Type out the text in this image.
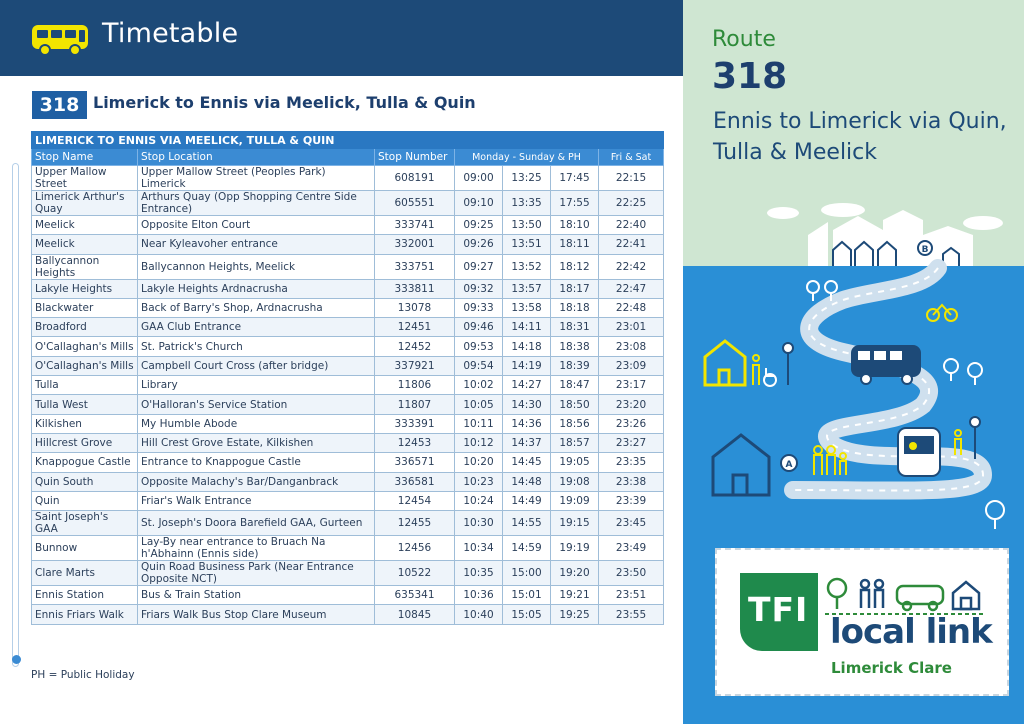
Timetable
318 Limerick to Ennis via Meelick, Tulla & Quin
LIMERICK TO ENNIS VIA MEELICK, TULLA & QUIN						
Stop Name	Stop Location	Stop Number	Monday - Sunday & PH			Fri & Sat
Upper Mallow Street	Upper Mallow Street (Peoples Park) Limerick	608191	09:00	13:25	17:45	22:15
Limerick Arthur's Quay	Arthurs Quay (Opp Shopping Centre Side Entrance)	605551	09:10	13:35	17:55	22:25
Meelick	Opposite Elton Court	333741	09:25	13:50	18:10	22:40
Meelick	Near Kyleavoher entrance	332001	09:26	13:51	18:11	22:41
Ballycannon Heights	Ballycannon Heights, Meelick	333751	09:27	13:52	18:12	22:42
Lakyle Heights	Lakyle Heights Ardnacrusha	333811	09:32	13:57	18:17	22:47
Blackwater	Back of Barry's Shop, Ardnacrusha	13078	09:33	13:58	18:18	22:48
Broadford	GAA Club Entrance	12451	09:46	14:11	18:31	23:01
O'Callaghan's Mills	St. Patrick's Church	12452	09:53	14:18	18:38	23:08
O'Callaghan's Mills	Campbell Court Cross (after bridge)	337921	09:54	14:19	18:39	23:09
Tulla	Library	11806	10:02	14:27	18:47	23:17
Tulla West	O'Halloran's Service Station	11807	10:05	14:30	18:50	23:20
Kilkishen	My Humble Abode	333391	10:11	14:36	18:56	23:26
Hillcrest Grove	Hill Crest Grove Estate, Kilkishen	12453	10:12	14:37	18:57	23:27
Knappogue Castle	Entrance to Knappogue Castle	336571	10:20	14:45	19:05	23:35
Quin South	Opposite Malachy's Bar/Danganbrack	336581	10:23	14:48	19:08	23:38
Quin	Friar's Walk Entrance	12454	10:24	14:49	19:09	23:39
Saint Joseph's GAA	St. Joseph's Doora Barefield GAA, Gurteen	12455	10:30	14:55	19:15	23:45
Bunnow	Lay-By near entrance to Bruach Na h'Abhainn (Ennis side)	12456	10:34	14:59	19:19	23:49
Clare Marts	Quin Road Business Park (Near Entrance Opposite NCT)	10522	10:35	15:00	19:20	23:50
Ennis Station	Bus & Train Station	635341	10:36	15:01	19:21	23:51
Ennis Friars Walk	Friars Walk Bus Stop Clare Museum	10845	10:40	15:05	19:25	23:55
PH = Public Holiday
Route
318
Ennis to Limerick via Quin, Tulla & Meelick
B
A
TFI
local link
Limerick Clare
